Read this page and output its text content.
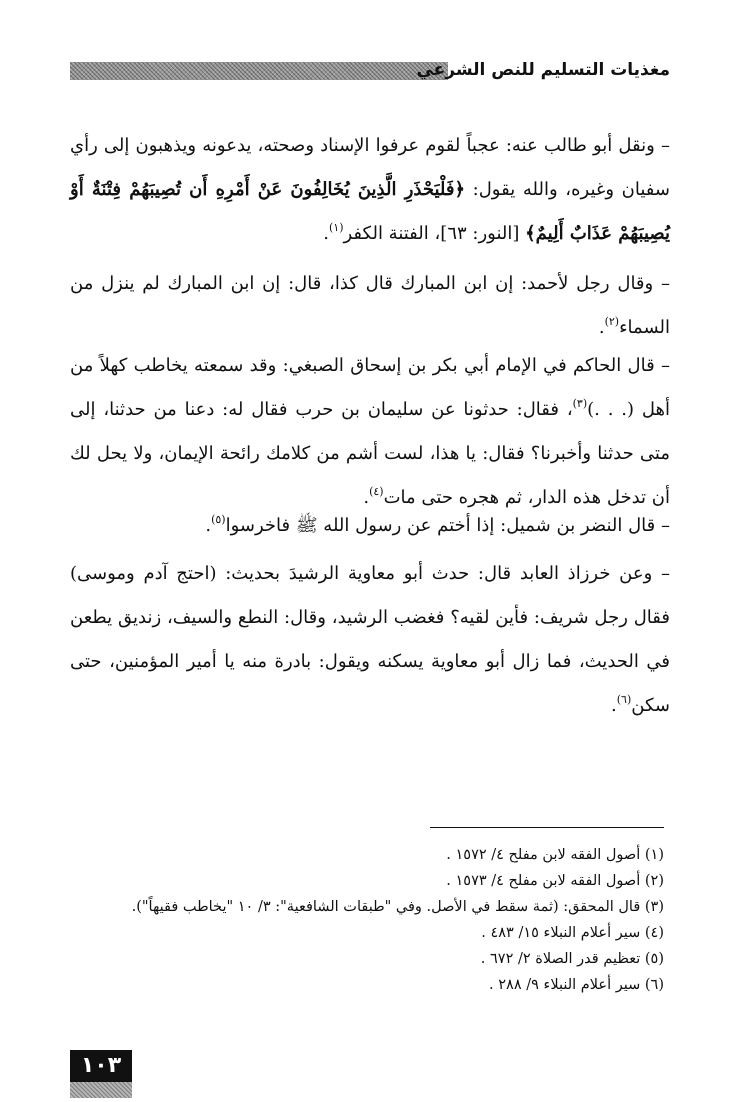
مغذيات التسليم للنص الشرعي

– ونقل أبو طالب عنه: عجباً لقوم عرفوا الإسناد وصحته، يدعونه ويذهبون إلى رأي سفيان وغيره، والله يقول: ﴿فَلْيَحْذَرِ الَّذِينَ يُخَالِفُونَ عَنْ أَمْرِهِ أَن تُصِيبَهُمْ فِتْنَةٌ أَوْ يُصِيبَهُمْ عَذَابٌ أَلِيمٌ﴾ [النور: ٦٣]، الفتنة الكفر$^{(١)}$.

– وقال رجل لأحمد: إن ابن المبارك قال كذا، قال: إن ابن المبارك لم ينزل من السماء$^{(٢)}$.

– قال الحاكم في الإمام أبي بكر بن إسحاق الصبغي: وقد سمعته يخاطب كهلاً من أهل (. . .)$^{(٣)}$، فقال: حدثونا عن سليمان بن حرب فقال له: دعنا من حدثنا، إلى متى حدثنا وأخبرنا؟ فقال: يا هذا، لست أشم من كلامك رائحة الإيمان، ولا يحل لك أن تدخل هذه الدار، ثم هجره حتى مات$^{(٤)}$.

– قال النضر بن شميل: إذا أختم عن رسول الله ﷺ فاخرسوا$^{(٥)}$.

– وعن خرزاذ العابد قال: حدث أبو معاوية الرشيدَ بحديث: (احتج آدم وموسى) فقال رجل شريف: فأين لقيه؟ فغضب الرشيد، وقال: النطع والسيف، زنديق يطعن في الحديث، فما زال أبو معاوية يسكنه ويقول: بادرة منه يا أمير المؤمنين، حتى سكن$^{(٦)}$.

(١) أصول الفقه لابن مفلح ٤/ ١٥٧٢ .

(٢) أصول الفقه لابن مفلح ٤/ ١٥٧٣ .

(٣) قال المحقق: (ثمة سقط في الأصل. وفي "طبقات الشافعية": ٣/ ١٠ "يخاطب فقيهاً").

(٤) سير أعلام النبلاء ١٥/ ٤٨٣ .

(٥) تعظيم قدر الصلاة ٢/ ٦٧٢ .

(٦) سير أعلام النبلاء ٩/ ٢٨٨ .

١٠٣
